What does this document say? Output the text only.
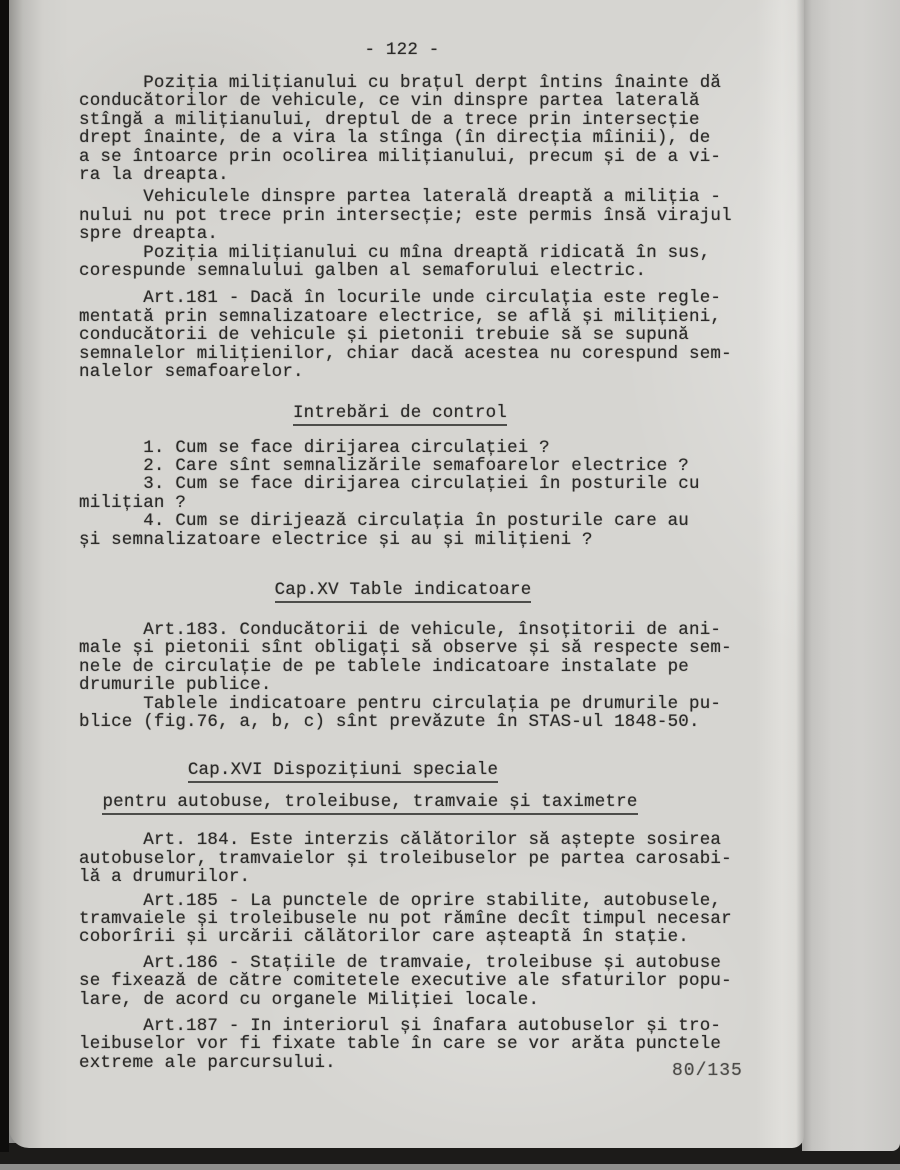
- 122 -
Poziția milițianului cu brațul derpt întins înainte dă
conducătorilor de vehicule, ce vin dinspre partea laterală
stîngă a milițianului, dreptul de a trece prin intersecție
drept înainte, de a vira la stînga (în direcția mîinii), de
a se întoarce prin ocolirea milițianului, precum și de a vi-
ra la dreapta.
Vehiculele dinspre partea laterală dreaptă a miliția -
nului nu pot trece prin intersecție; este permis însă virajul
spre dreapta.
Poziția milițianului cu mîna dreaptă ridicată în sus,
corespunde semnalului galben al semaforului electric.
Art.181 - Dacă în locurile unde circulația este regle-
mentată prin semnalizatoare electrice, se află și milițieni,
conducătorii de vehicule și pietonii trebuie să se supună
semnalelor milițienilor, chiar dacă acestea nu corespund sem-
nalelor semafoarelor.
Intrebări de control
1. Cum se face dirijarea circulației ?
2. Care sînt semnalizările semafoarelor electrice ?
3. Cum se face dirijarea circulației în posturile cu
milițian ?
4. Cum se dirijează circulația în posturile care au
și semnalizatoare electrice și au și milițieni ?
Cap.XV Table indicatoare
Art.183. Conducătorii de vehicule, însoțitorii de ani-
male și pietonii sînt obligați să observe și să respecte sem-
nele de circulație de pe tablele indicatoare instalate pe
drumurile publice.
Tablele indicatoare pentru circulația pe drumurile pu-
blice (fig.76, a, b, c) sînt prevăzute în STAS-ul 1848-50.
Cap.XVI Dispozițiuni speciale
pentru autobuse, troleibuse, tramvaie și taximetre
Art. 184. Este interzis călătorilor să aștepte sosirea
autobuselor, tramvaielor și troleibuselor pe partea carosabi-
lă a drumurilor.
Art.185 - La punctele de oprire stabilite, autobusele,
tramvaiele și troleibusele nu pot rămîne decît timpul necesar
coborîrii și urcării călătorilor care așteaptă în stație.
Art.186 - Stațiile de tramvaie, troleibuse și autobuse
se fixează de către comitetele executive ale sfaturilor popu-
lare, de acord cu organele Miliției locale.
Art.187 - In interiorul și înafara autobuselor și tro-
leibuselor vor fi fixate table în care se vor arăta punctele
extreme ale parcursului.	80/135
